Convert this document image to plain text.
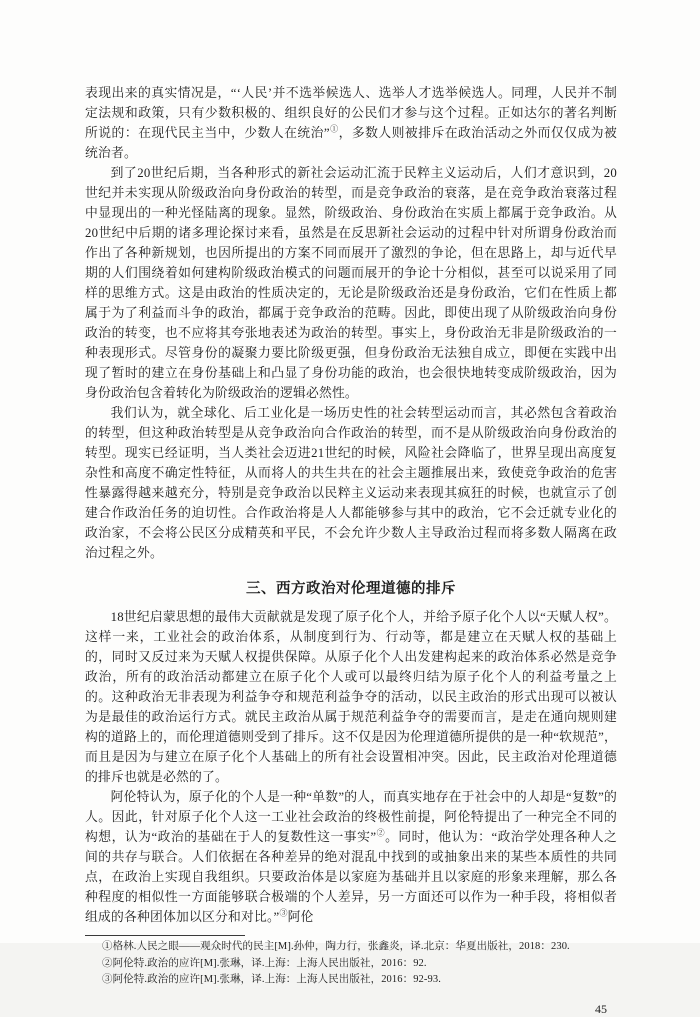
表现出来的真实情况是，“‘人民’并不选举候选人、选举人才选举候选人。同理，人民并不制定法规和政策，只有少数积极的、组织良好的公民们才参与这个过程。正如达尔的著名判断所说的：在现代民主当中，少数人在统治”①，多数人则被排斥在政治活动之外而仅仅成为被统治者。

到了20世纪后期，当各种形式的新社会运动汇流于民粹主义运动后，人们才意识到，20世纪并未实现从阶级政治向身份政治的转型，而是竞争政治的衰落，是在竞争政治衰落过程中显现出的一种光怪陆离的现象。显然，阶级政治、身份政治在实质上都属于竞争政治。从20世纪中后期的诸多理论探讨来看，虽然是在反思新社会运动的过程中针对所谓身份政治而作出了各种新规划，也因所提出的方案不同而展开了激烈的争论，但在思路上，却与近代早期的人们围绕着如何建构阶级政治模式的问题而展开的争论十分相似，甚至可以说采用了同样的思维方式。这是由政治的性质决定的，无论是阶级政治还是身份政治，它们在性质上都属于为了利益而斗争的政治，都属于竞争政治的范畴。因此，即使出现了从阶级政治向身份政治的转变，也不应将其夸张地表述为政治的转型。事实上，身份政治无非是阶级政治的一种表现形式。尽管身份的凝聚力要比阶级更强，但身份政治无法独自成立，即便在实践中出现了暂时的建立在身份基础上和凸显了身份功能的政治，也会很快地转变成阶级政治，因为身份政治包含着转化为阶级政治的逻辑必然性。

我们认为，就全球化、后工业化是一场历史性的社会转型运动而言，其必然包含着政治的转型，但这种政治转型是从竞争政治向合作政治的转型，而不是从阶级政治向身份政治的转型。现实已经证明，当人类社会迈进21世纪的时候，风险社会降临了，世界呈现出高度复杂性和高度不确定性特征，从而将人的共生共在的社会主题推展出来，致使竞争政治的危害性暴露得越来越充分，特别是竞争政治以民粹主义运动来表现其疯狂的时候，也就宣示了创建合作政治任务的迫切性。合作政治将是人人都能够参与其中的政治，它不会迁就专业化的政治家，不会将公民区分成精英和平民，不会允许少数人主导政治过程而将多数人隔离在政治过程之外。

三、西方政治对伦理道德的排斥

18世纪启蒙思想的最伟大贡献就是发现了原子化个人，并给予原子化个人以“天赋人权”。这样一来，工业社会的政治体系，从制度到行为、行动等，都是建立在天赋人权的基础上的，同时又反过来为天赋人权提供保障。从原子化个人出发建构起来的政治体系必然是竞争政治，所有的政治活动都建立在原子化个人或可以最终归结为原子化个人的利益考量之上的。这种政治无非表现为利益争夺和规范利益争夺的活动，以民主政治的形式出现可以被认为是最佳的政治运行方式。就民主政治从属于规范利益争夺的需要而言，是走在通向规则建构的道路上的，而伦理道德则受到了排斥。这不仅是因为伦理道德所提供的是一种“软规范”，而且是因为与建立在原子化个人基础上的所有社会设置相冲突。因此，民主政治对伦理道德的排斥也就是必然的了。

阿伦特认为，原子化的个人是一种“单数”的人，而真实地存在于社会中的人却是“复数”的人。因此，针对原子化个人这一工业社会政治的终极性前提，阿伦特提出了一种完全不同的构想，认为“政治的基础在于人的复数性这一事实”②。同时，他认为：“政治学处理各种人之间的共存与联合。人们依据在各种差异的绝对混乱中找到的或抽象出来的某些本质性的共同点，在政治上实现自我组织。只要政治体是以家庭为基础并且以家庭的形象来理解，那么各种程度的相似性一方面能够联合极端的个人差异，另一方面还可以作为一种手段，将相似者组成的各种团体加以区分和对比。”③阿伦

①格林.人民之眼——观众时代的民主[M].孙仲，陶力行，张鑫炎，译.北京：华夏出版社，2018：230.
②阿伦特.政治的应许[M].张琳，译.上海：上海人民出版社，2016：92.
③阿伦特.政治的应许[M].张琳，译.上海：上海人民出版社，2016：92-93.
45
